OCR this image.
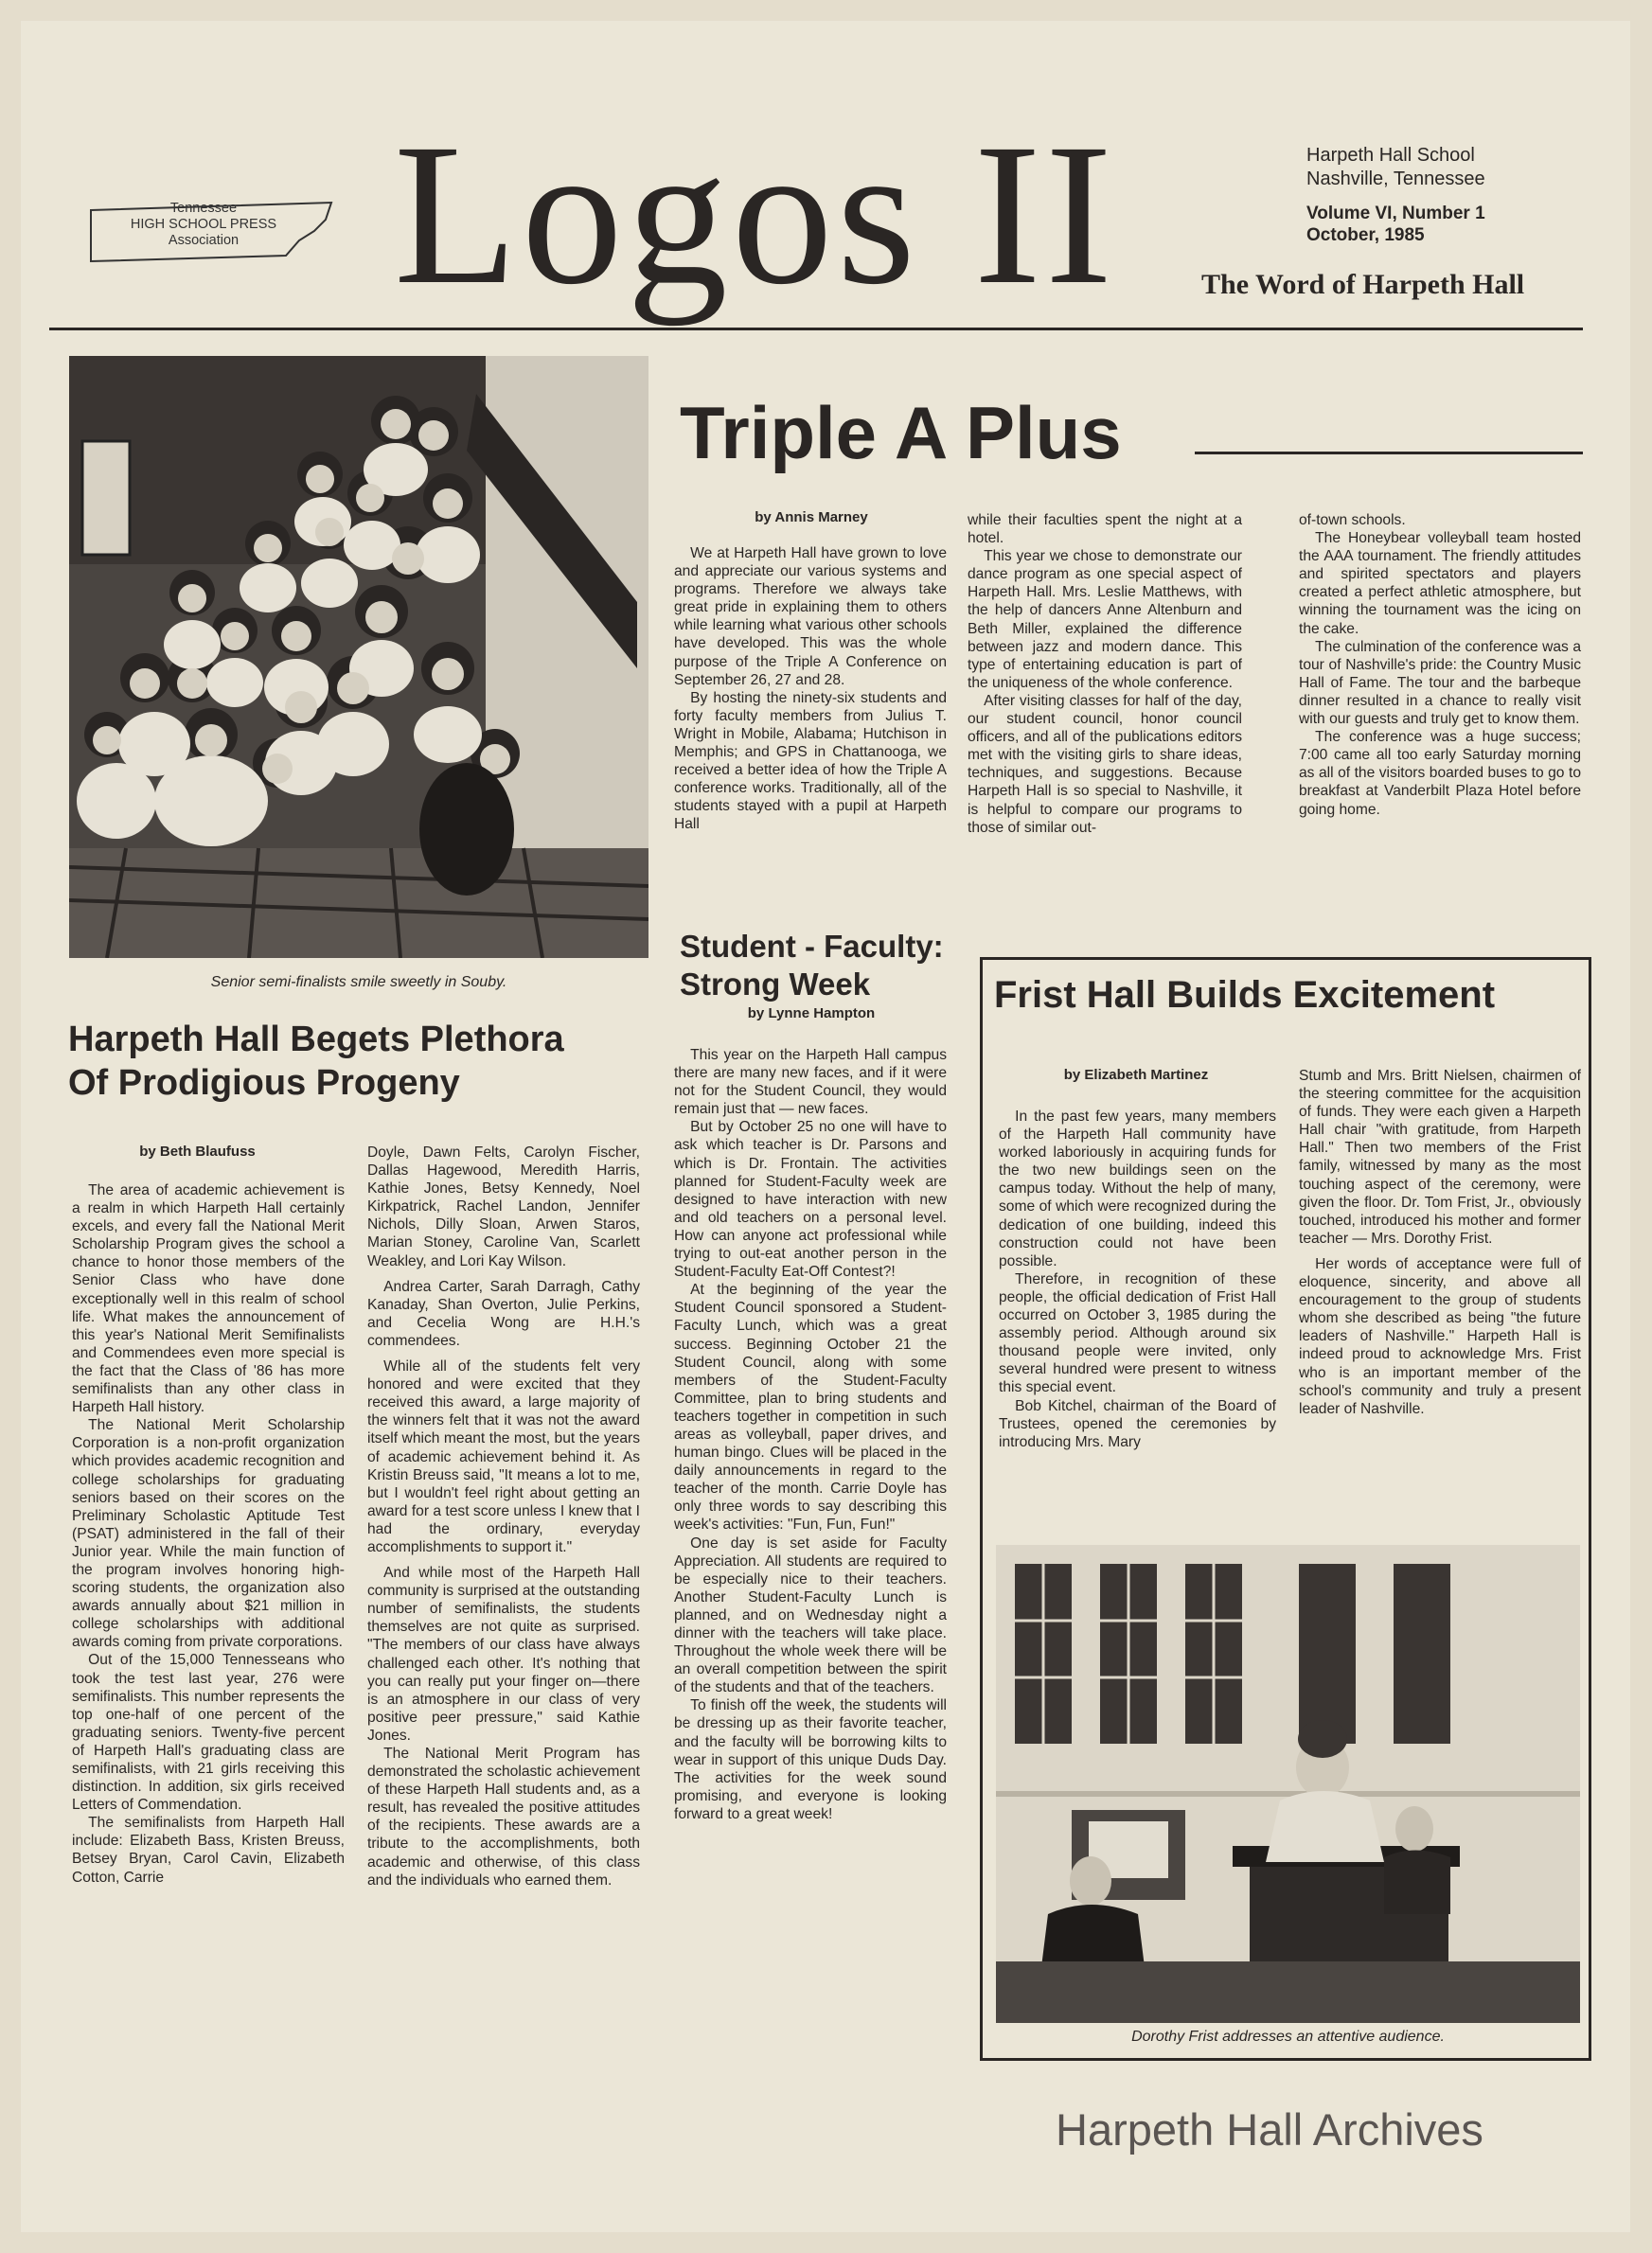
Tennessee
HIGH SCHOOL PRESS
Association Logos II	Harpeth Hall School
Nashville, Tennessee
Volume VI, Number 1
October, 1985
The Word of Harpeth Hall
Senior semi-finalists smile sweetly in Souby.
Harpeth Hall Begets Plethora
Of Prodigious Progeny
by Beth Blaufuss

The area of academic achievement is a realm in which Harpeth Hall certainly excels, and every fall the National Merit Scholarship Program gives the school a chance to honor those members of the Senior Class who have done exceptionally well in this realm of school life. What makes the announcement of this year's National Merit Semifinalists and Commendees even more special is the fact that the Class of '86 has more semifinalists than any other class in Harpeth Hall history.

The National Merit Scholarship Corporation is a non-profit organization which provides academic recognition and college scholarships for graduating seniors based on their scores on the Preliminary Scholastic Aptitude Test (PSAT) administered in the fall of their Junior year. While the main function of the program involves honoring high-scoring students, the organization also awards annually about $21 million in college scholarships with additional awards coming from private corporations.

Out of the 15,000 Tennesseans who took the test last year, 276 were semifinalists. This number represents the top one-half of one percent of the graduating seniors. Twenty-five percent of Harpeth Hall's graduating class are semifinalists, with 21 girls receiving this distinction. In addition, six girls received Letters of Commendation.

The semifinalists from Harpeth Hall include: Elizabeth Bass, Kristen Breuss, Betsey Bryan, Carol Cavin, Elizabeth Cotton, Carrie

Doyle, Dawn Felts, Carolyn Fischer, Dallas Hagewood, Meredith Harris, Kathie Jones, Betsy Kennedy, Noel Kirkpatrick, Rachel Landon, Jennifer Nichols, Dilly Sloan, Arwen Staros, Marian Stoney, Caroline Van, Scarlett Weakley, and Lori Kay Wilson.

Andrea Carter, Sarah Darragh, Cathy Kanaday, Shan Overton, Julie Perkins, and Cecelia Wong are H.H.'s commendees.

While all of the students felt very honored and were excited that they received this award, a large majority of the winners felt that it was not the award itself which meant the most, but the years of academic achievement behind it. As Kristin Breuss said, "It means a lot to me, but I wouldn't feel right about getting an award for a test score unless I knew that I had the ordinary, everyday accomplishments to support it."

And while most of the Harpeth Hall community is surprised at the outstanding number of semifinalists, the students themselves are not quite as surprised. "The members of our class have always challenged each other. It's nothing that you can really put your finger on—there is an atmosphere in our class of very positive peer pressure," said Kathie Jones.

The National Merit Program has demonstrated the scholastic achievement of these Harpeth Hall students and, as a result, has revealed the positive attitudes of the recipients. These awards are a tribute to the accomplishments, both academic and otherwise, of this class and the individuals who earned them.

Triple A Plus
by Annis Marney

We at Harpeth Hall have grown to love and appreciate our various systems and programs. Therefore we always take great pride in explaining them to others while learning what various other schools have developed. This was the whole purpose of the Triple A Conference on September 26, 27 and 28.

By hosting the ninety-six students and forty faculty members from Julius T. Wright in Mobile, Alabama; Hutchison in Memphis; and GPS in Chattanooga, we received a better idea of how the Triple A conference works. Traditionally, all of the students stayed with a pupil at Harpeth Hall

while their faculties spent the night at a hotel.

This year we chose to demonstrate our dance program as one special aspect of Harpeth Hall. Mrs. Leslie Matthews, with the help of dancers Anne Altenburn and Beth Miller, explained the difference between jazz and modern dance. This type of entertaining education is part of the uniqueness of the whole conference.

After visiting classes for half of the day, our student council, honor council officers, and all of the publications editors met with the visiting girls to share ideas, techniques, and suggestions. Because Harpeth Hall is so special to Nashville, it is helpful to compare our programs to those of similar out-

of-town schools.

The Honeybear volleyball team hosted the AAA tournament. The friendly attitudes and spirited spectators and players created a perfect athletic atmosphere, but winning the tournament was the icing on the cake.

The culmination of the conference was a tour of Nashville's pride: the Country Music Hall of Fame. The tour and the barbeque dinner resulted in a chance to really visit with our guests and truly get to know them.

The conference was a huge success; 7:00 came all too early Saturday morning as all of the visitors boarded buses to go to breakfast at Vanderbilt Plaza Hotel before going home.

Student - Faculty:
Strong Week
by Lynne Hampton

This year on the Harpeth Hall campus there are many new faces, and if it were not for the Student Council, they would remain just that — new faces.

But by October 25 no one will have to ask which teacher is Dr. Parsons and which is Dr. Frontain. The activities planned for Student-Faculty week are designed to have interaction with new and old teachers on a personal level. How can anyone act professional while trying to out-eat another person in the Student-Faculty Eat-Off Contest?!

At the beginning of the year the Student Council sponsored a Student-Faculty Lunch, which was a great success. Beginning October 21 the Student Council, along with some members of the Student-Faculty Committee, plan to bring students and teachers together in competition in such areas as volleyball, paper drives, and human bingo. Clues will be placed in the daily announcements in regard to the teacher of the month. Carrie Doyle has only three words to say describing this week's activities: "Fun, Fun, Fun!"

One day is set aside for Faculty Appreciation. All students are required to be especially nice to their teachers. Another Student-Faculty Lunch is planned, and on Wednesday night a dinner with the teachers will take place. Throughout the whole week there will be an overall competition between the spirit of the students and that of the teachers.

To finish off the week, the students will be dressing up as their favorite teacher, and the faculty will be borrowing kilts to wear in support of this unique Duds Day. The activities for the week sound promising, and everyone is looking forward to a great week!

Frist Hall Builds Excitement
by Elizabeth Martinez

In the past few years, many members of the Harpeth Hall community have worked laboriously in acquiring funds for the two new buildings seen on the campus today. Without the help of many, some of which were recognized during the dedication of one building, indeed this construction could not have been possible.

Therefore, in recognition of these people, the official dedication of Frist Hall occurred on October 3, 1985 during the assembly period. Although around six thousand people were invited, only several hundred were present to witness this special event.

Bob Kitchel, chairman of the Board of Trustees, opened the ceremonies by introducing Mrs. Mary

Stumb and Mrs. Britt Nielsen, chairmen of the steering committee for the acquisition of funds. They were each given a Harpeth Hall chair "with gratitude, from Harpeth Hall." Then two members of the Frist family, witnessed by many as the most touching aspect of the ceremony, were given the floor. Dr. Tom Frist, Jr., obviously touched, introduced his mother and former teacher — Mrs. Dorothy Frist.

Her words of acceptance were full of eloquence, sincerity, and above all encouragement to the group of students whom she described as being "the future leaders of Nashville." Harpeth Hall is indeed proud to acknowledge Mrs. Frist who is an important member of the school's community and truly a present leader of Nashville.

Dorothy Frist addresses an attentive audience.
Harpeth Hall Archives
